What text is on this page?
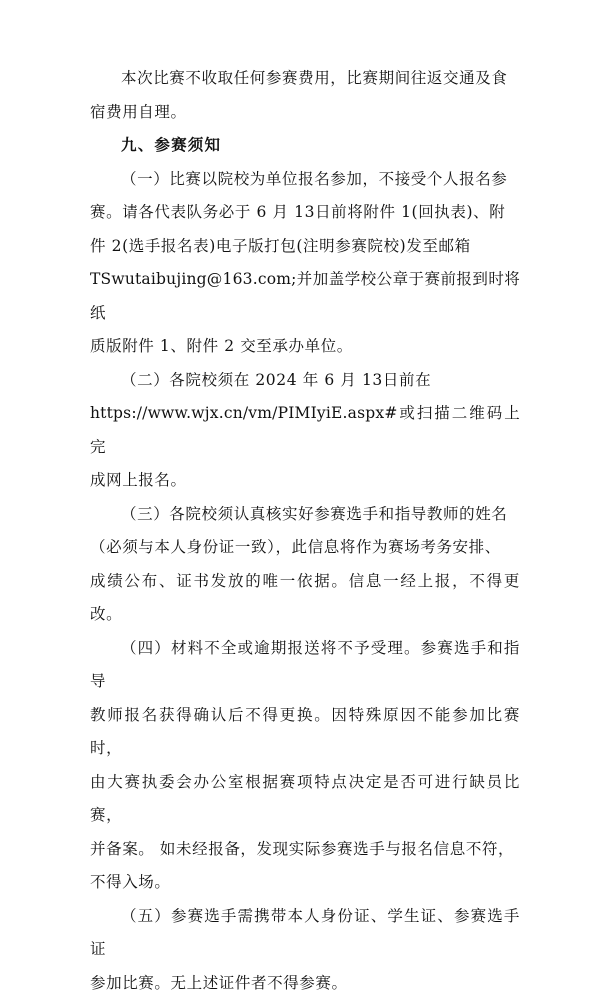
本次比赛不收取任何参赛费用，比赛期间往返交通及食
宿费用自理。

九、参赛须知

（一）比赛以院校为单位报名参加，不接受个人报名参
赛。请各代表队务必于 6 月 13日前将附件 1(回执表)、附
件 2(选手报名表)电子版打包(注明参赛院校)发至邮箱
TSwutaibujing@163.com;并加盖学校公章于赛前报到时将纸
质版附件 1、附件 2 交至承办单位。

（二）各院校须在 2024 年 6 月 13日前在
https://www.wjx.cn/vm/PIMIyiE.aspx#或扫描二维码上完
成网上报名。

（三）各院校须认真核实好参赛选手和指导教师的姓名
（必须与本人身份证一致），此信息将作为赛场考务安排、
成绩公布、证书发放的唯一依据。信息一经上报，不得更改。

（四）材料不全或逾期报送将不予受理。参赛选手和指导
教师报名获得确认后不得更换。因特殊原因不能参加比赛时，
由大赛执委会办公室根据赛项特点决定是否可进行缺员比赛，
并备案。 如未经报备，发现实际参赛选手与报名信息不符，
不得入场。

（五）参赛选手需携带本人身份证、学生证、参赛选手证
参加比赛。无上述证件者不得参赛。
